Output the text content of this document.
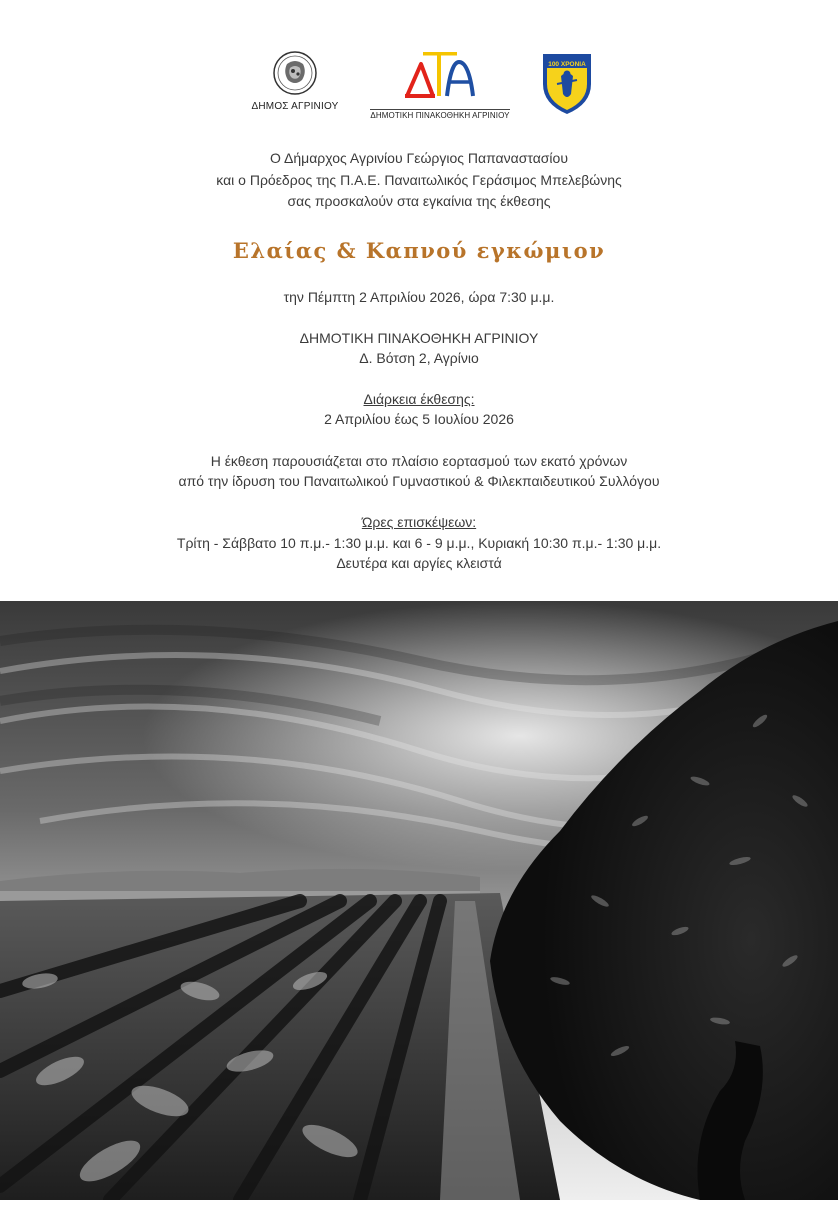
ΔΗΜΟΣ ΑΓΡΙΝΙΟΥ
ΔΗΜΟΤΙΚΗ ΠΙΝΑΚΟΘΗΚΗ ΑΓΡΙΝΙΟΥ
100 ΧΡΟΝΙΑ
Ο Δήμαρχος Αγρινίου Γεώργιος Παπαναστασίου
και ο Πρόεδρος της Π.Α.Ε. Παναιτωλικός Γεράσιμος Μπελεβώνης
σας προσκαλούν στα εγκαίνια της έκθεσης
Ελαίας & Καπνού εγκώμιον
την Πέμπτη 2 Απριλίου 2026, ώρα 7:30 μ.μ.
ΔΗΜΟΤΙΚΗ ΠΙΝΑΚΟΘΗΚΗ ΑΓΡΙΝΙΟΥ
Δ. Βότση 2, Αγρίνιο
Διάρκεια έκθεσης:
2 Απριλίου έως 5 Ιουλίου 2026
Η έκθεση παρουσιάζεται στο πλαίσιο εορτασμού των εκατό χρόνων
από την ίδρυση του Παναιτωλικού Γυμναστικού & Φιλεκπαιδευτικού Συλλόγου
Ώρες επισκέψεων:
Τρίτη - Σάββατο 10 π.μ.- 1:30 μ.μ. και 6 - 9 μ.μ., Κυριακή 10:30 π.μ.- 1:30 μ.μ.
Δευτέρα και αργίες κλειστά
